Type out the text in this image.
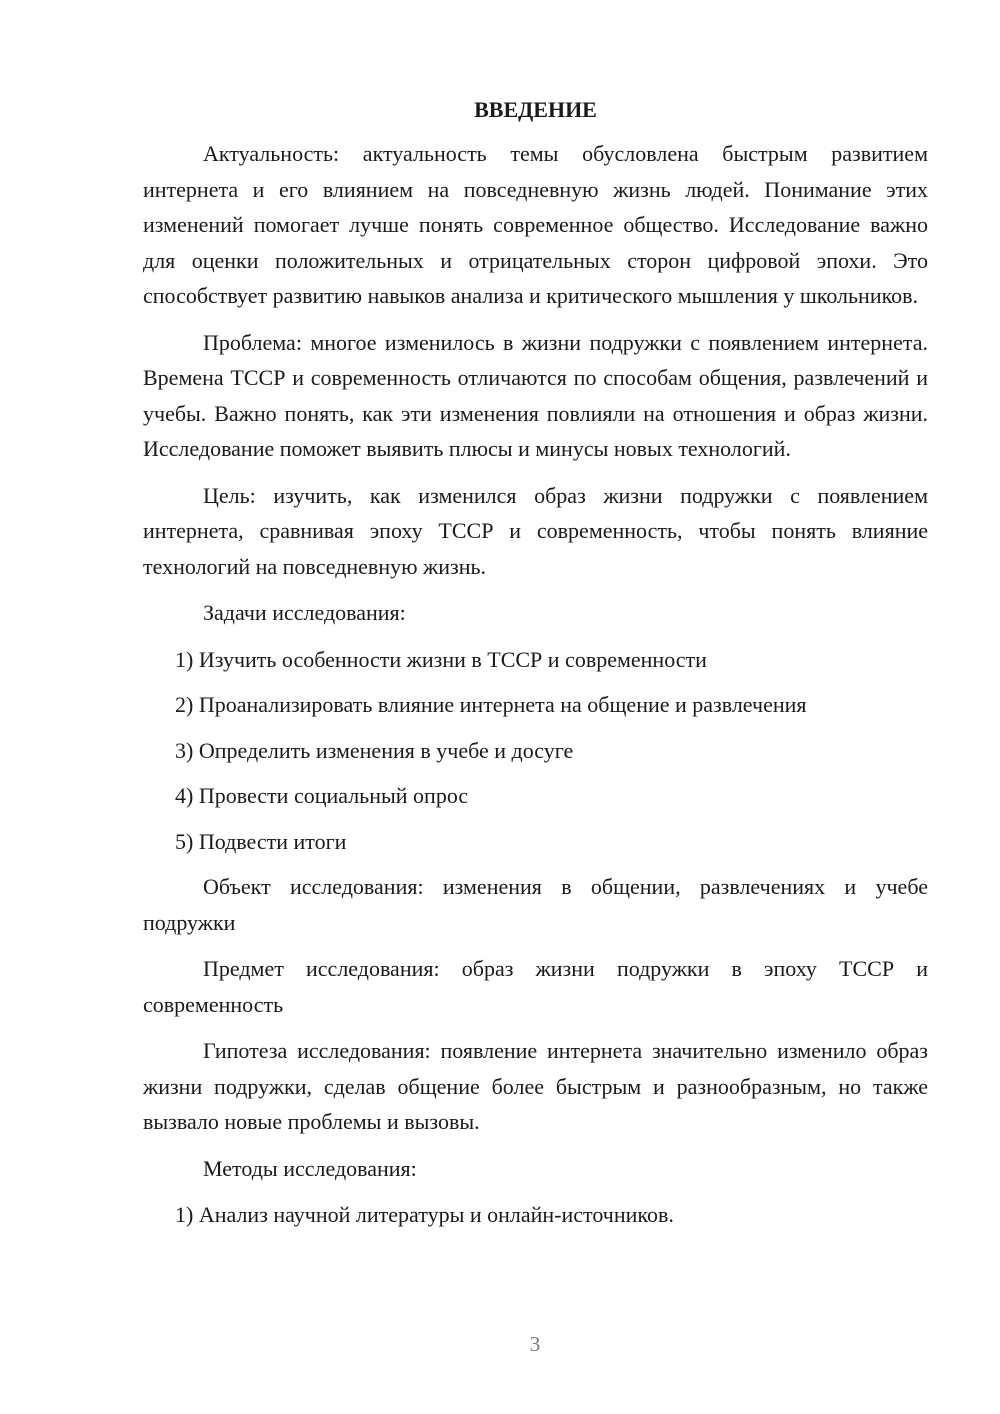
ВВЕДЕНИЕ

Актуальность: актуальность темы обусловлена быстрым развитием интернета и его влиянием на повседневную жизнь людей. Понимание этих изменений помогает лучше понять современное общество. Исследование важно для оценки положительных и отрицательных сторон цифровой эпохи. Это способствует развитию навыков анализа и критического мышления у школьников.

Проблема: многое изменилось в жизни подружки с появлением интернета. Времена ТССР и современность отличаются по способам общения, развлечений и учебы. Важно понять, как эти изменения повлияли на отношения и образ жизни. Исследование поможет выявить плюсы и минусы новых технологий.

Цель: изучить, как изменился образ жизни подружки с появлением интернета, сравнивая эпоху ТССР и современность, чтобы понять влияние технологий на повседневную жизнь.

Задачи исследования:

1) Изучить особенности жизни в ТССР и современности
2) Проанализировать влияние интернета на общение и развлечения
3) Определить изменения в учебе и досуге
4) Провести социальный опрос
5) Подвести итоги

Объект исследования: изменения в общении, развлечениях и учебе подружки

Предмет исследования: образ жизни подружки в эпоху ТССР и современность

Гипотеза исследования: появление интернета значительно изменило образ жизни подружки, сделав общение более быстрым и разнообразным, но также вызвало новые проблемы и вызовы.

Методы исследования:

1) Анализ научной литературы и онлайн-источников.
3
